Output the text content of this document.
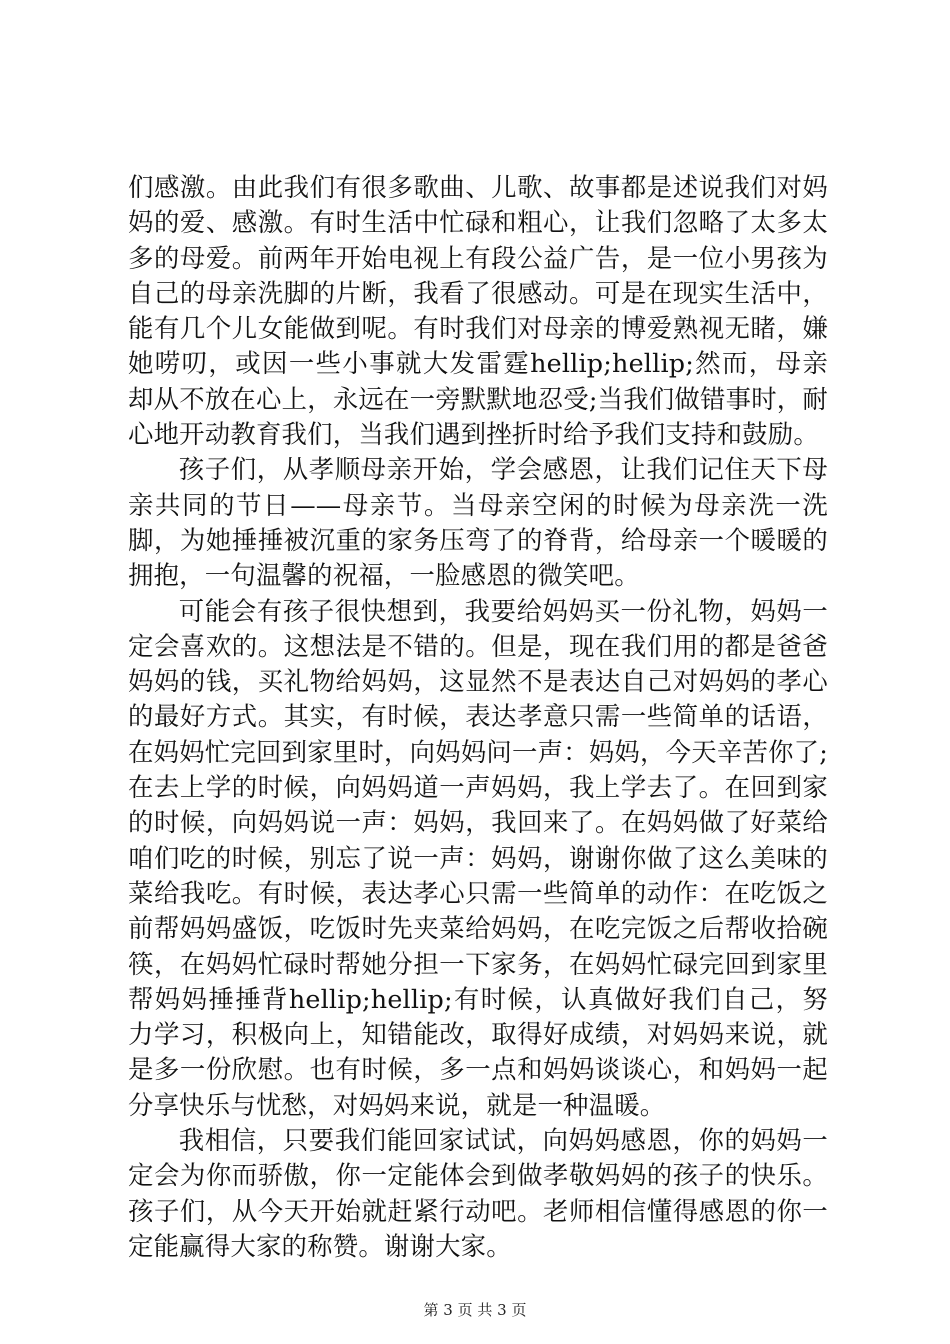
们感激。由此我们有很多歌曲、儿歌、故事都是述说我们对妈妈的爱、感激。有时生活中忙碌和粗心，让我们忽略了太多太多的母爱。前两年开始电视上有段公益广告，是一位小男孩为自己的母亲洗脚的片断，我看了很感动。可是在现实生活中，能有几个儿女能做到呢。有时我们对母亲的博爱熟视无睹，嫌她唠叨，或因一些小事就大发雷霆hellip;hellip;然而，母亲却从不放在心上，永远在一旁默默地忍受;当我们做错事时，耐心地开动教育我们，当我们遇到挫折时给予我们支持和鼓励。

孩子们，从孝顺母亲开始，学会感恩，让我们记住天下母亲共同的节日——母亲节。当母亲空闲的时候为母亲洗一洗脚，为她捶捶被沉重的家务压弯了的脊背，给母亲一个暖暖的拥抱，一句温馨的祝福，一脸感恩的微笑吧。

可能会有孩子很快想到，我要给妈妈买一份礼物，妈妈一定会喜欢的。这想法是不错的。但是，现在我们用的都是爸爸妈妈的钱，买礼物给妈妈，这显然不是表达自己对妈妈的孝心的最好方式。其实，有时候，表达孝意只需一些简单的话语，在妈妈忙完回到家里时，向妈妈问一声：妈妈，今天辛苦你了;在去上学的时候，向妈妈道一声妈妈，我上学去了。在回到家的时候，向妈妈说一声：妈妈，我回来了。在妈妈做了好菜给咱们吃的时候，别忘了说一声：妈妈，谢谢你做了这么美味的菜给我吃。有时候，表达孝心只需一些简单的动作：在吃饭之前帮妈妈盛饭，吃饭时先夹菜给妈妈，在吃完饭之后帮收拾碗筷，在妈妈忙碌时帮她分担一下家务，在妈妈忙碌完回到家里帮妈妈捶捶背hellip;hellip;有时候，认真做好我们自己，努力学习，积极向上，知错能改，取得好成绩，对妈妈来说，就是多一份欣慰。也有时候，多一点和妈妈谈谈心，和妈妈一起分享快乐与忧愁，对妈妈来说，就是一种温暖。

我相信，只要我们能回家试试，向妈妈感恩，你的妈妈一定会为你而骄傲，你一定能体会到做孝敬妈妈的孩子的快乐。孩子们，从今天开始就赶紧行动吧。老师相信懂得感恩的你一定能赢得大家的称赞。谢谢大家。

第 3 页 共 3 页
